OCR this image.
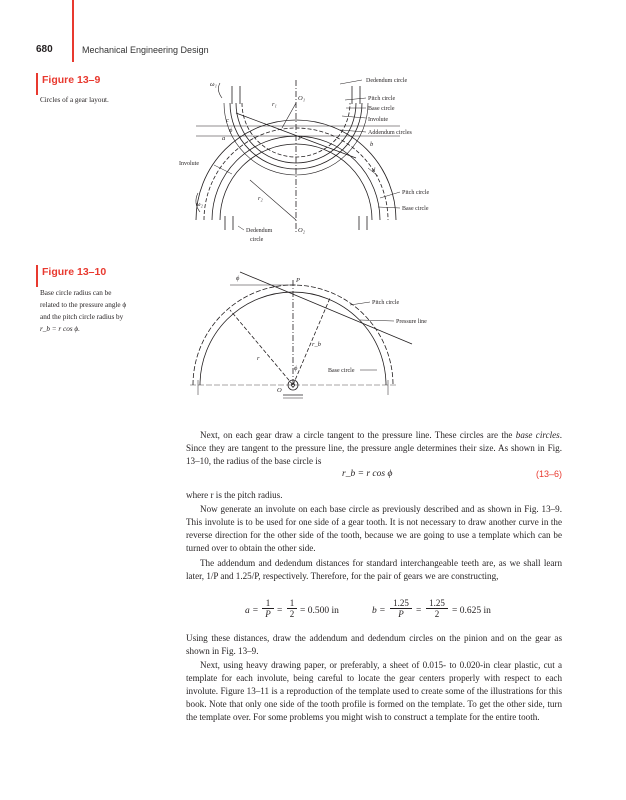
680	Mechanical Engineering Design
Figure 13–9
Circles of a gear layout.
ω₁
r₁
O₁
c
ϕ
a	P
b
ω₂
r₂
d
O₂
Involute
Dedendum circle
Pitch circle
Base circle
Involute
Addendum circles
Pitch circle
Base circle
Dedendum
circle
Figure 13–10
Base circle radius can be
related to the pressure angle ϕ
and the pitch circle radius by
r_b = r cos ϕ.
ϕ	P
r_b
r
ϕ
O
Pitch circle
Pressure line
Base circle

Next, on each gear draw a circle tangent to the pressure line. These circles are the base circles. Since they are tangent to the pressure line, the pressure angle determines their size. As shown in Fig. 13–10, the radius of the base circle is

r_b = r cos ϕ	(13–6)

where r is the pitch radius.

Now generate an involute on each base circle as previously described and as shown in Fig. 13–9. This involute is to be used for one side of a gear tooth. It is not necessary to draw another curve in the reverse direction for the other side of the tooth, because we are going to use a template which can be turned over to obtain the other side.

The addendum and dedendum distances for standard interchangeable teeth are, as we shall learn later, 1/P and 1.25/P, respectively. Therefore, for the pair of gears we are constructing,

$a = \frac{1}{P} = \frac{1}{2} = 0.500$ in	$b = \frac{1.25}{P} = \frac{1.25}{2} = 0.625$ in

Using these distances, draw the addendum and dedendum circles on the pinion and on the gear as shown in Fig. 13–9.

Next, using heavy drawing paper, or preferably, a sheet of 0.015- to 0.020-in clear plastic, cut a template for each involute, being careful to locate the gear centers properly with respect to each involute. Figure 13–11 is a reproduction of the template used to create some of the illustrations for this book. Note that only one side of the tooth profile is formed on the template. To get the other side, turn the template over. For some problems you might wish to construct a template for the entire tooth.
